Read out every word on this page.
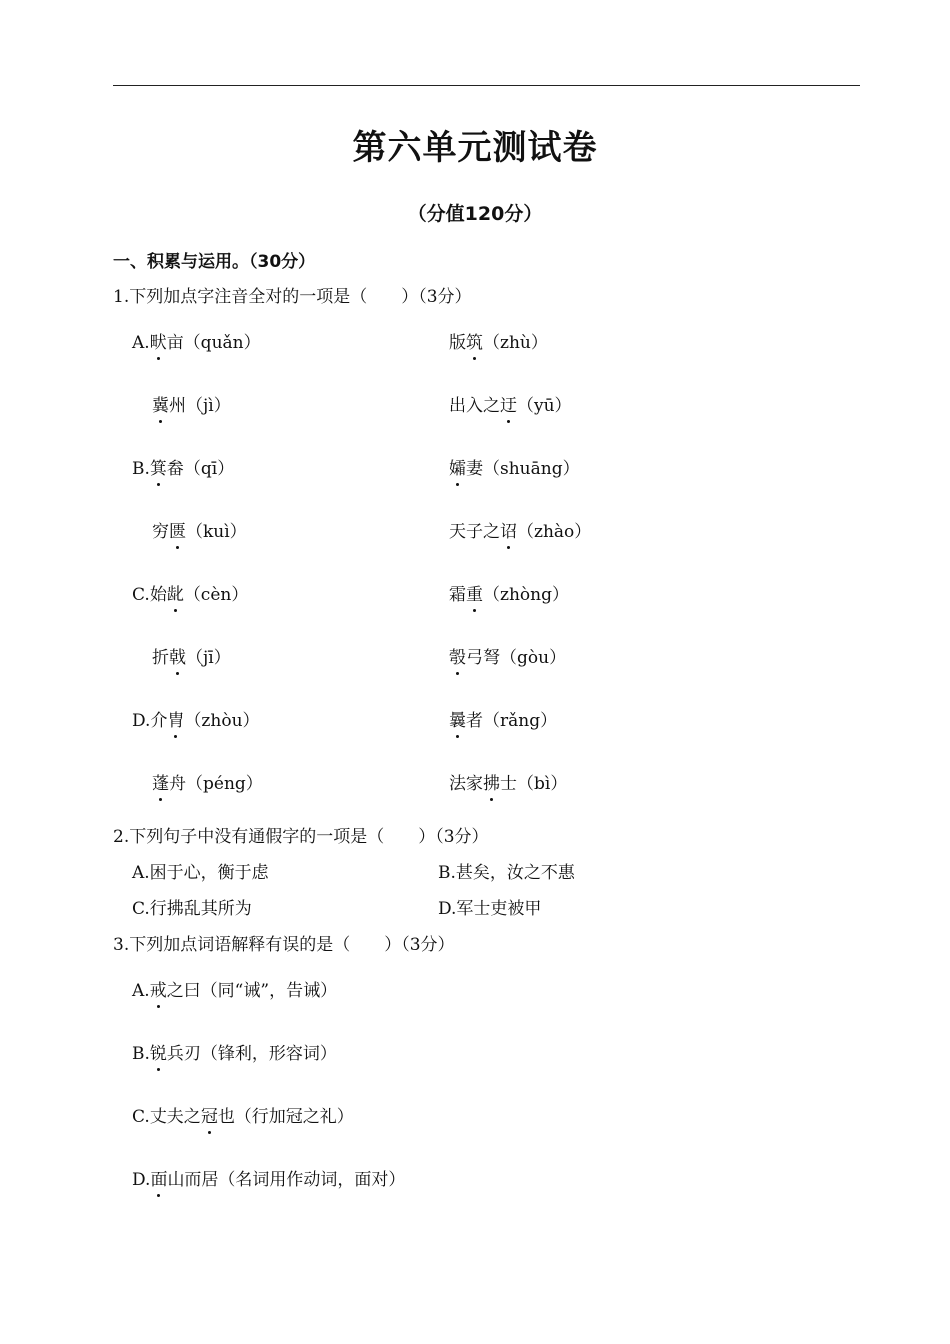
第六单元测试卷
（分值120分）
一、积累与运用。（30分）
1.下列加点字注音全对的一项是（　　）（3分）
A.畎亩（quǎn）	版筑（zhù）
冀州（jì）	出入之迂（yū）
B.箕畚（qī）	孀妻（shuāng）
穷匮（kuì）	天子之诏（zhào）
C.始龀（cèn）	霜重（zhòng）
折戟（jī）	彀弓弩（gòu）
D.介胄（zhòu）	曩者（rǎng）
蓬舟（péng）	法家拂士（bì）
2.下列句子中没有通假字的一项是（　　）（3分）
A.困于心，衡于虑	B.甚矣，汝之不惠
C.行拂乱其所为	D.军士吏被甲
3.下列加点词语解释有误的是（　　）（3分）
A.戒之曰（同“诫”，告诫）
B.锐兵刃（锋利，形容词）
C.丈夫之冠也（行加冠之礼）
D.面山而居（名词用作动词，面对）
